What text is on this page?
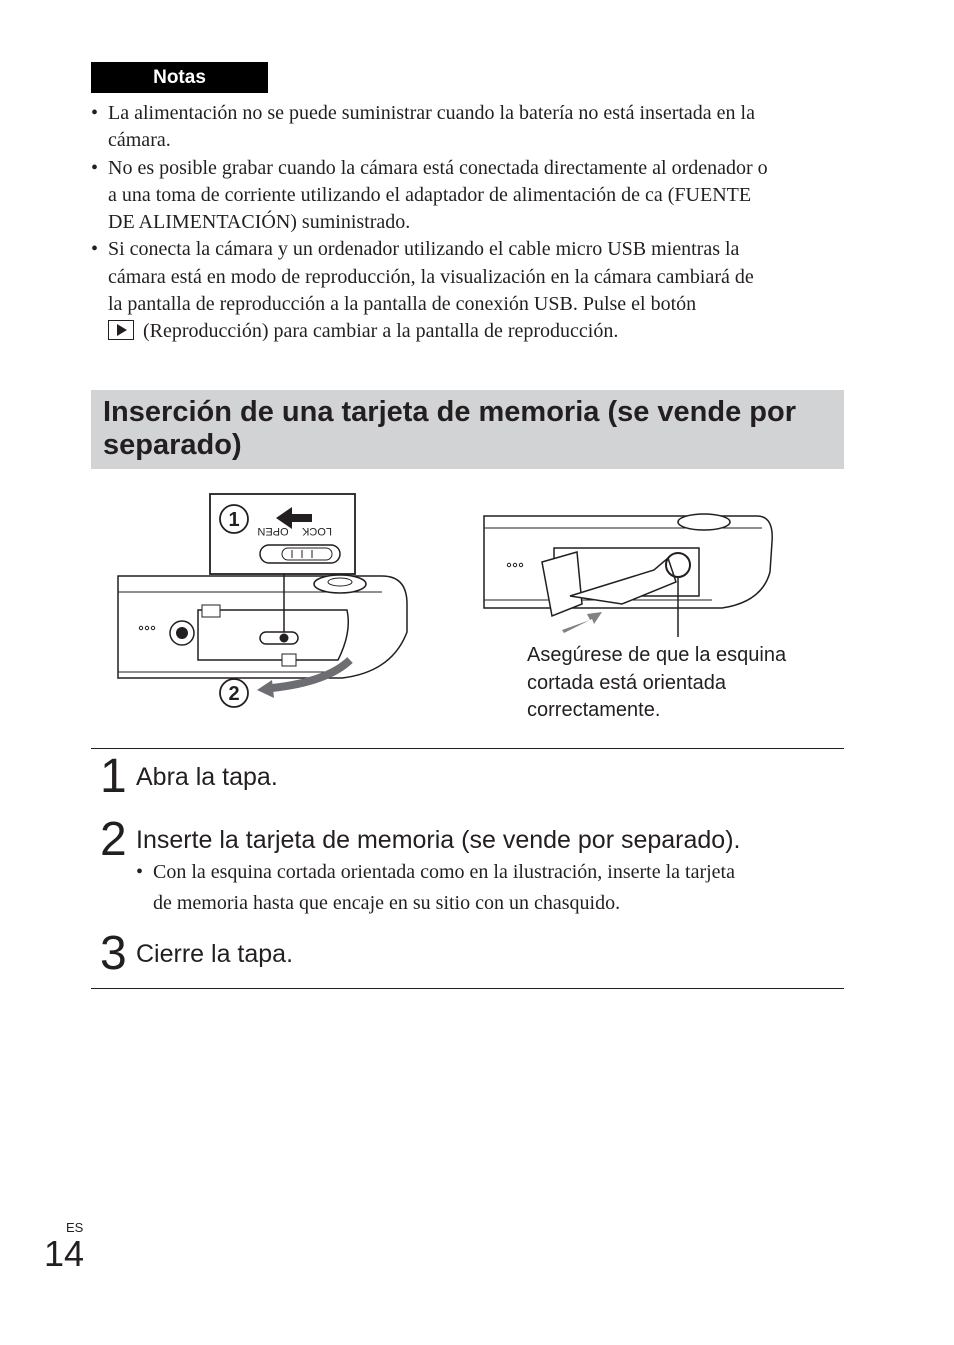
Notas
• La alimentación no se puede suministrar cuando la batería no está insertada en la
cámara.
• No es posible grabar cuando la cámara está conectada directamente al ordenador o
a una toma de corriente utilizando el adaptador de alimentación de ca (FUENTE
DE ALIMENTACIÓN) suministrado.
• Si conecta la cámara y un ordenador utilizando el cable micro USB mientras la
cámara está en modo de reproducción, la visualización en la cámara cambiará de
la pantalla de reproducción a la pantalla de conexión USB. Pulse el botón
(Reproducción) para cambiar a la pantalla de reproducción.
Inserción de una tarjeta de memoria (se vende por separado)
LOCK
OPEN
1
2
Asegúrese de que la esquina
cortada está orientada
correctamente.
1 Abra la tapa.
2 Inserte la tarjeta de memoria (se vende por separado).
• Con la esquina cortada orientada como en la ilustración, inserte la tarjeta
de memoria hasta que encaje en su sitio con un chasquido.
3 Cierre la tapa.
ES
14
